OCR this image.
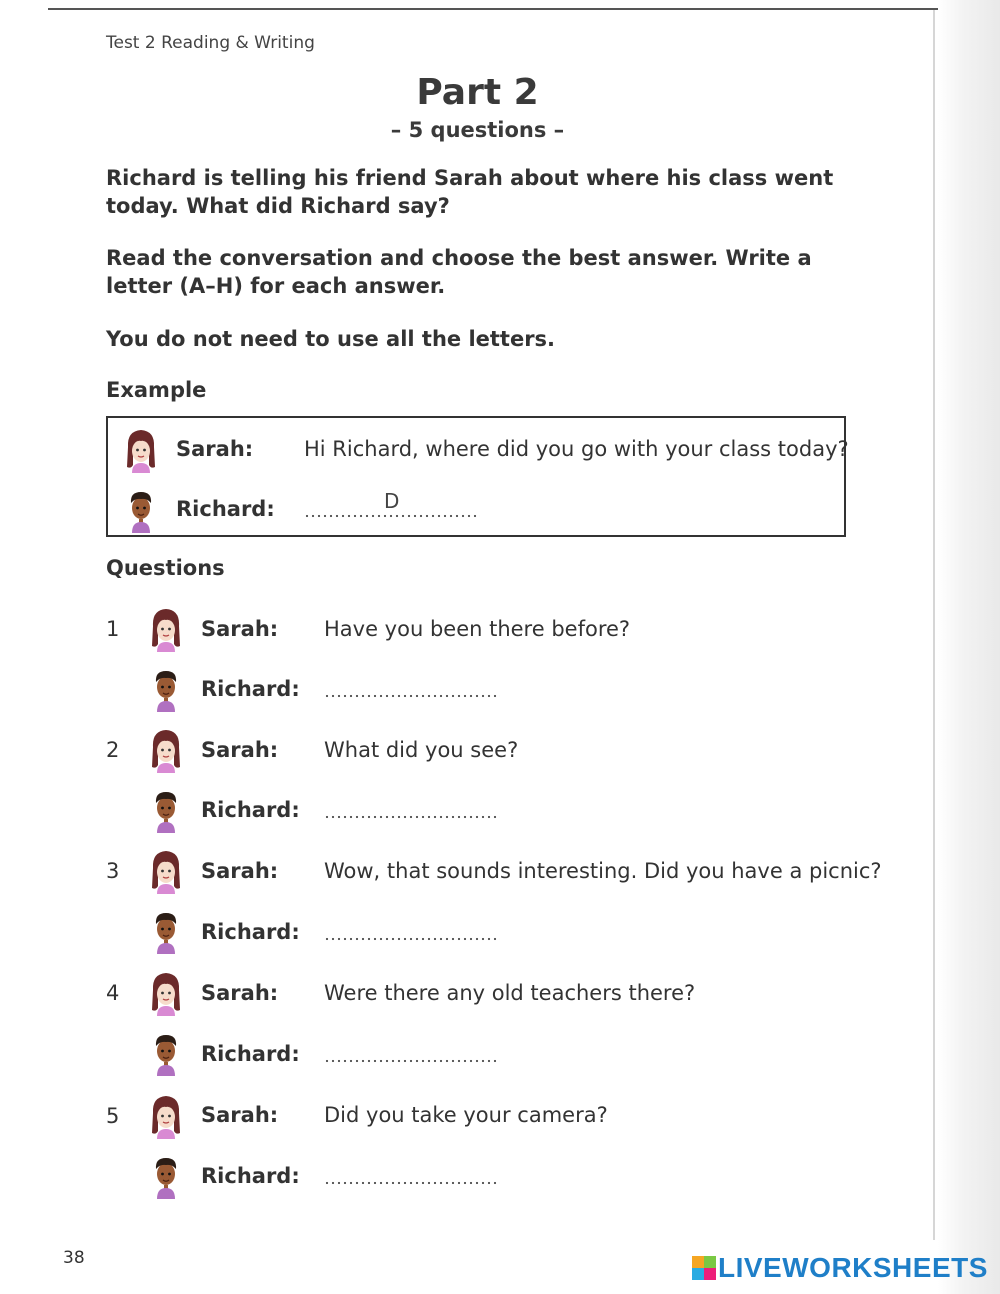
Test 2 Reading & Writing
Part 2
– 5 questions –
Richard is telling his friend Sarah about where his class went today. What did Richard say?
Read the conversation and choose the best answer. Write a letter (A–H) for each answer.
You do not need to use all the letters.
Example
Sarah: Hi Richard, where did you go with your class today?
Richard:	D
Questions
1	Sarah: Have you been there before?
Richard:
2	Sarah: What did you see?
Richard:
3	Sarah: Wow, that sounds interesting. Did you have a picnic?
Richard:
4	Sarah: Were there any old teachers there?
Richard:
5	Sarah: Did you take your camera?
Richard:
38	LIVEWORKSHEETS
